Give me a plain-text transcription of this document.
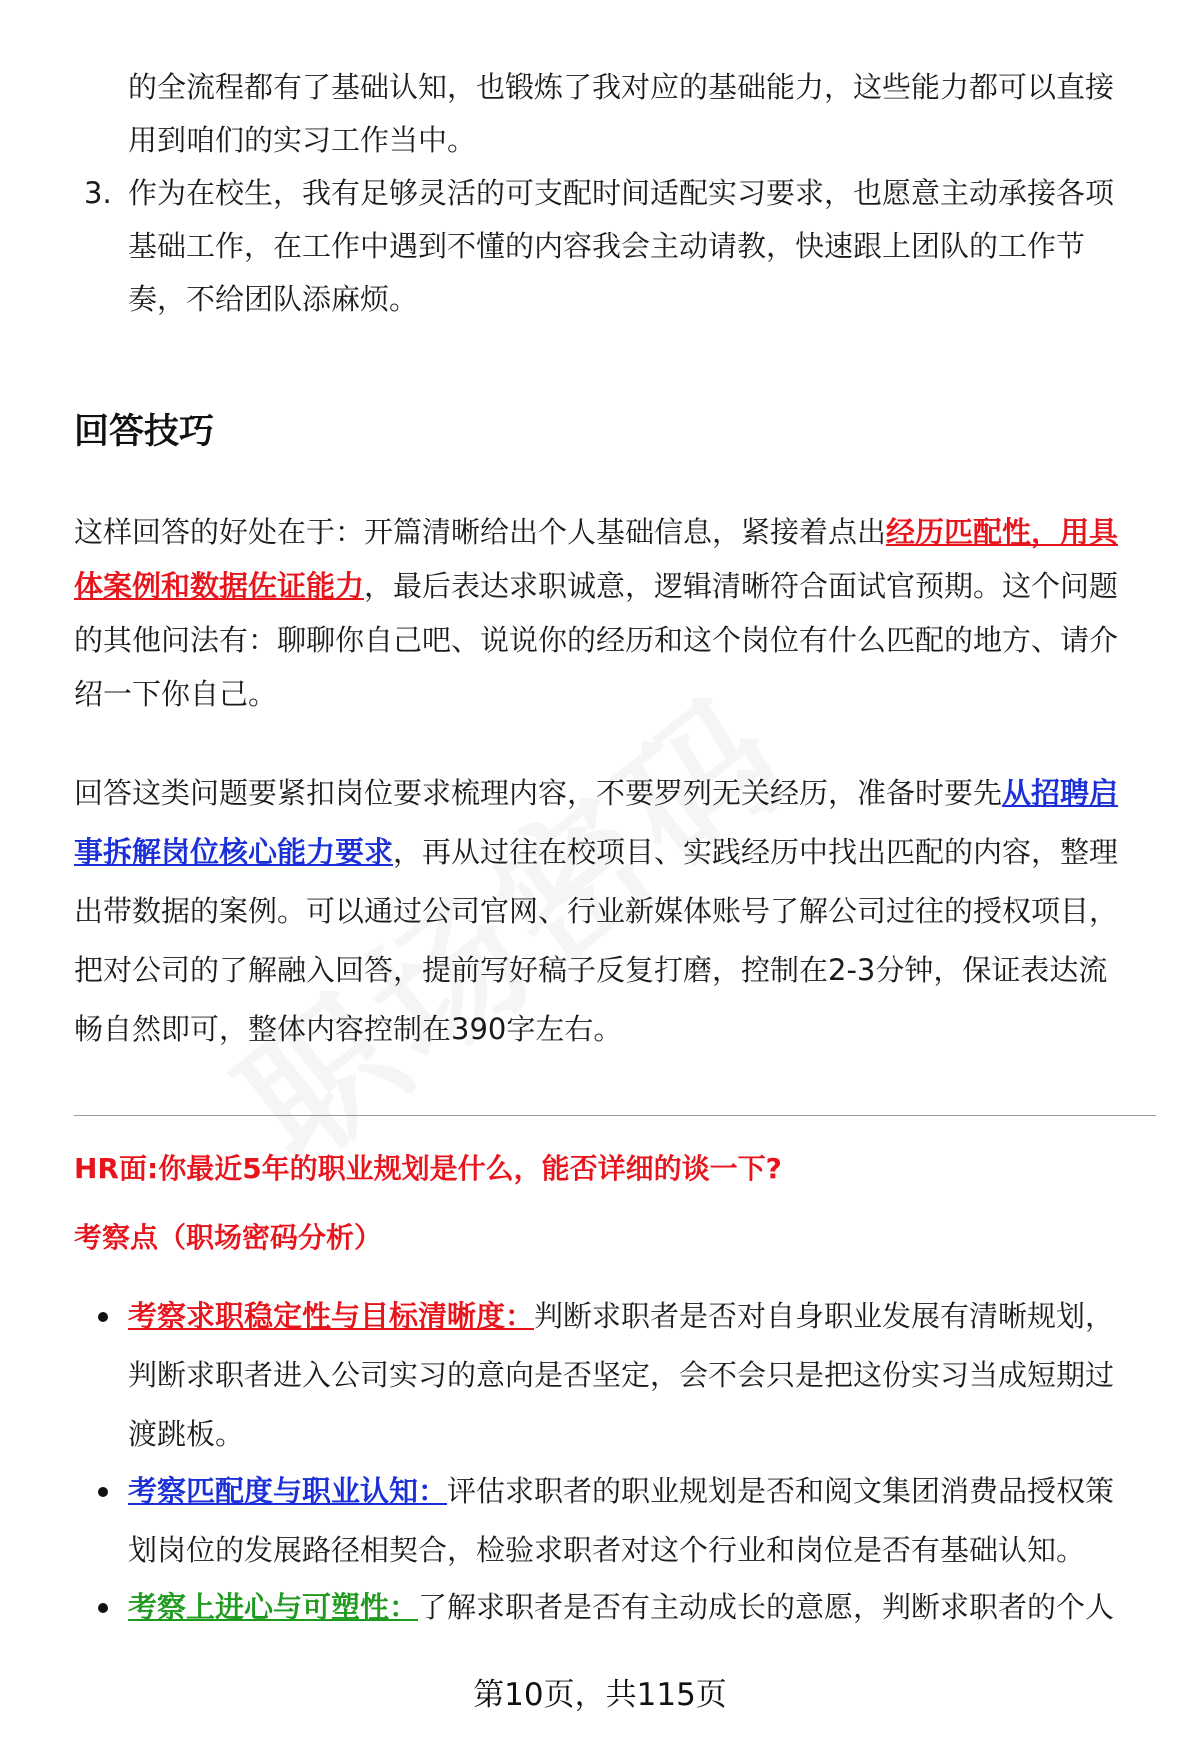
的全流程都有了基础认知，也锻炼了我对应的基础能力，这些能力都可以直接

用到咱们的实习工作当中。

3. 作为在校生，我有足够灵活的可支配时间适配实习要求，也愿意主动承接各项

基础工作，在工作中遇到不懂的内容我会主动请教，快速跟上团队的工作节

奏，不给团队添麻烦。

回答技巧

这样回答的好处在于：开篇清晰给出个人基础信息，紧接着点出经历匹配性，用具

体案例和数据佐证能力，最后表达求职诚意，逻辑清晰符合面试官预期。这个问题

的其他问法有：聊聊你自己吧、说说你的经历和这个岗位有什么匹配的地方、请介

绍一下你自己。

回答这类问题要紧扣岗位要求梳理内容，不要罗列无关经历，准备时要先从招聘启

事拆解岗位核心能力要求，再从过往在校项目、实践经历中找出匹配的内容，整理

出带数据的案例。可以通过公司官网、行业新媒体账号了解公司过往的授权项目，

把对公司的了解融入回答，提前写好稿子反复打磨，控制在2-3分钟，保证表达流

畅自然即可，整体内容控制在390字左右。

HR面:你最近5年的职业规划是什么，能否详细的谈一下?

考察点（职场密码分析）

考察求职稳定性与目标清晰度：判断求职者是否对自身职业发展有清晰规划，

判断求职者进入公司实习的意向是否坚定，会不会只是把这份实习当成短期过

渡跳板。

考察匹配度与职业认知：评估求职者的职业规划是否和阅文集团消费品授权策

划岗位的发展路径相契合，检验求职者对这个行业和岗位是否有基础认知。

考察上进心与可塑性：了解求职者是否有主动成长的意愿，判断求职者的个人

第10页，共115页
